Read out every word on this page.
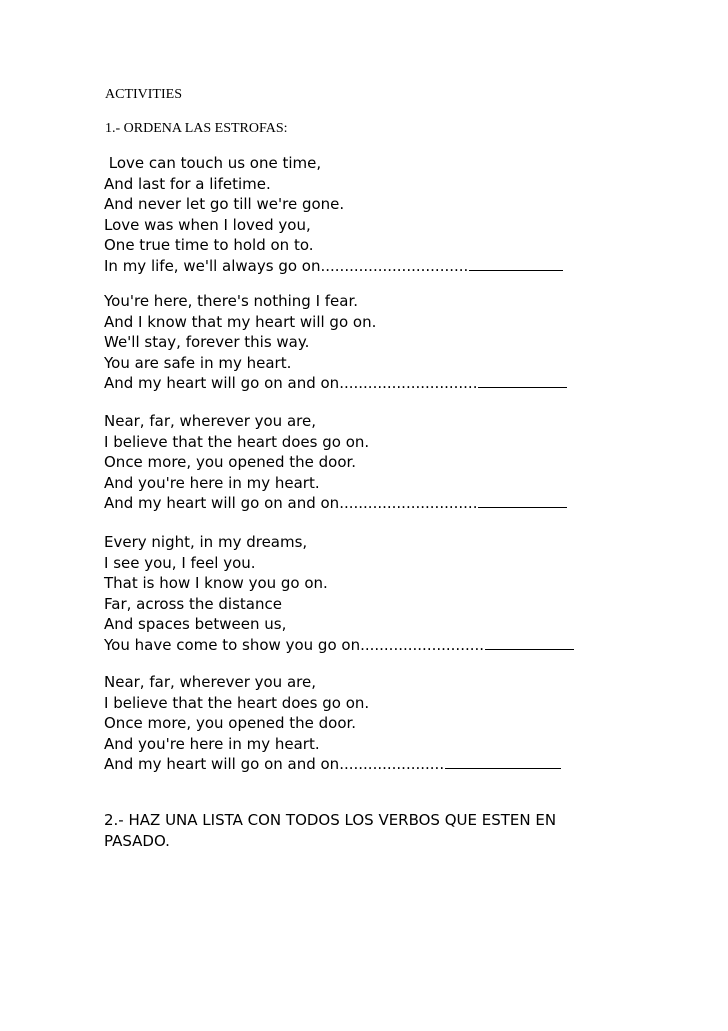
ACTIVITIES
1.- ORDENA LAS ESTROFAS:
Love can touch us one time,
And last for a lifetime.
And never let go till we're gone.
Love was when I loved you,
One true time to hold on to.
In my life, we'll always go on...............................
You're here, there's nothing I fear.
And I know that my heart will go on.
We'll stay, forever this way.
You are safe in my heart.
And my heart will go on and on.............................
Near, far, wherever you are,
I believe that the heart does go on.
Once more, you opened the door.
And you're here in my heart.
And my heart will go on and on.............................
Every night, in my dreams,
I see you, I feel you.
That is how I know you go on.
Far, across the distance
And spaces between us,
You have come to show you go on..........................
Near, far, wherever you are,
I believe that the heart does go on.
Once more, you opened the door.
And you're here in my heart.
And my heart will go on and on......................
2.- HAZ UNA LISTA CON TODOS LOS VERBOS QUE ESTEN EN PASADO.
